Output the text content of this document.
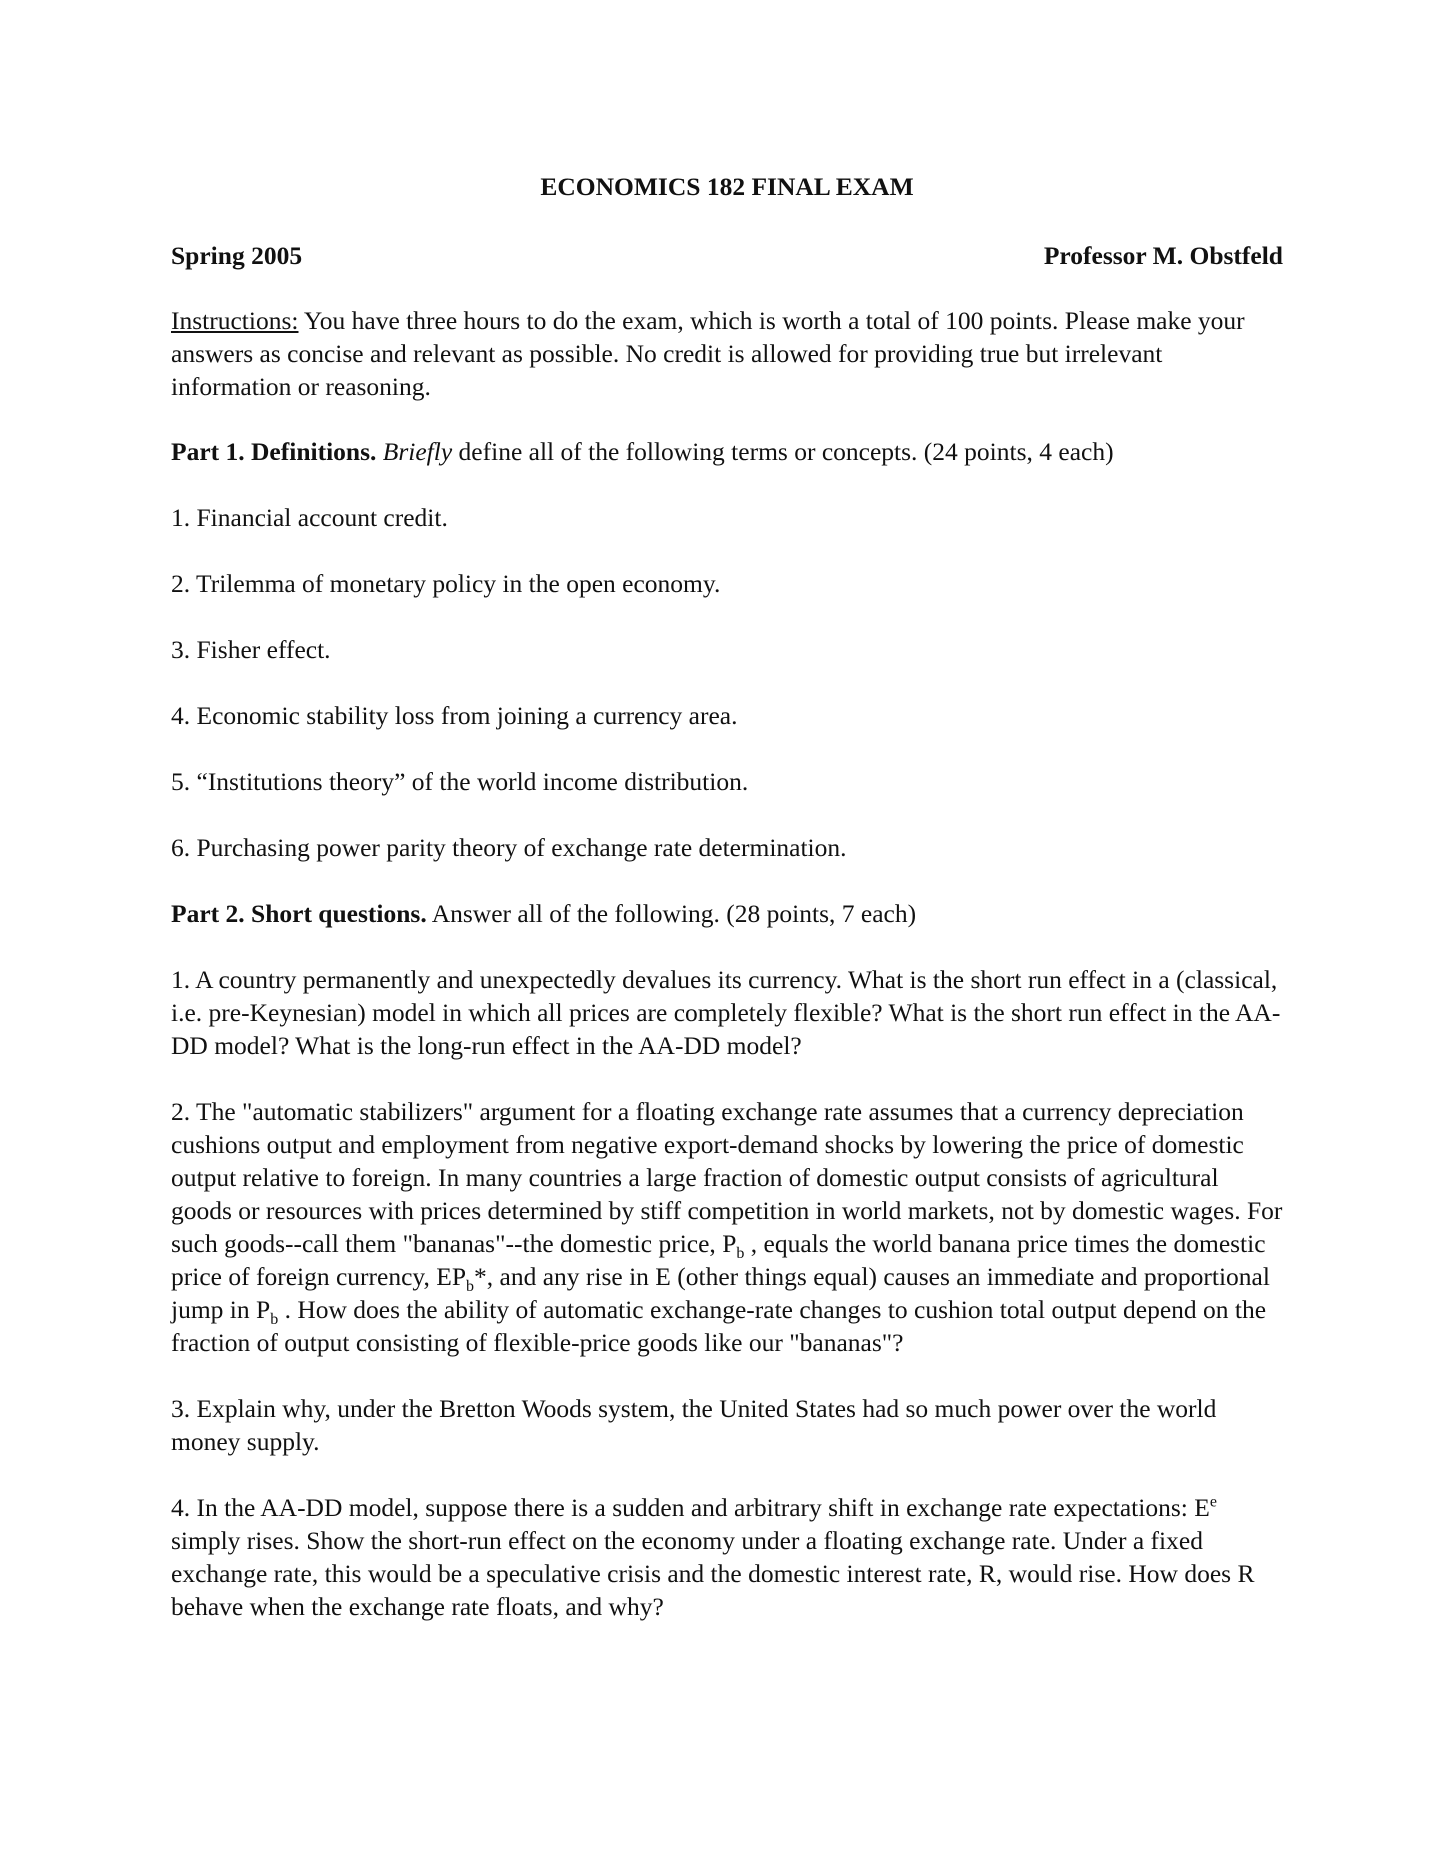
ECONOMICS 182 FINAL EXAM

Spring 2005	Professor M. Obstfeld

Instructions: You have three hours to do the exam, which is worth a total of 100 points. Please make your answers as concise and relevant as possible. No credit is allowed for providing true but irrelevant information or reasoning.

Part 1. Definitions. Briefly define all of the following terms or concepts. (24 points, 4 each)

1. Financial account credit.

2. Trilemma of monetary policy in the open economy.

3. Fisher effect.

4. Economic stability loss from joining a currency area.

5. “Institutions theory” of the world income distribution.

6. Purchasing power parity theory of exchange rate determination.

Part 2. Short questions. Answer all of the following. (28 points, 7 each)

1. A country permanently and unexpectedly devalues its currency. What is the short run effect in a (classical, i.e. pre-Keynesian) model in which all prices are completely flexible? What is the short run effect in the AA-DD model? What is the long-run effect in the AA-DD model?

2. The "automatic stabilizers" argument for a floating exchange rate assumes that a currency depreciation cushions output and employment from negative export-demand shocks by lowering the price of domestic output relative to foreign. In many countries a large fraction of domestic output consists of agricultural goods or resources with prices determined by stiff competition in world markets, not by domestic wages. For such goods--call them "bananas"--the domestic price, $P_b$ , equals the world banana price times the domestic price of foreign currency, $EP_b*$, and any rise in E (other things equal) causes an immediate and proportional jump in $P_b$ . How does the ability of automatic exchange-rate changes to cushion total output depend on the fraction of output consisting of flexible-price goods like our "bananas"?

3. Explain why, under the Bretton Woods system, the United States had so much power over the world money supply.

4. In the AA-DD model, suppose there is a sudden and arbitrary shift in exchange rate expectations: $E^e$ simply rises. Show the short-run effect on the economy under a floating exchange rate. Under a fixed exchange rate, this would be a speculative crisis and the domestic interest rate, R, would rise. How does R behave when the exchange rate floats, and why?
